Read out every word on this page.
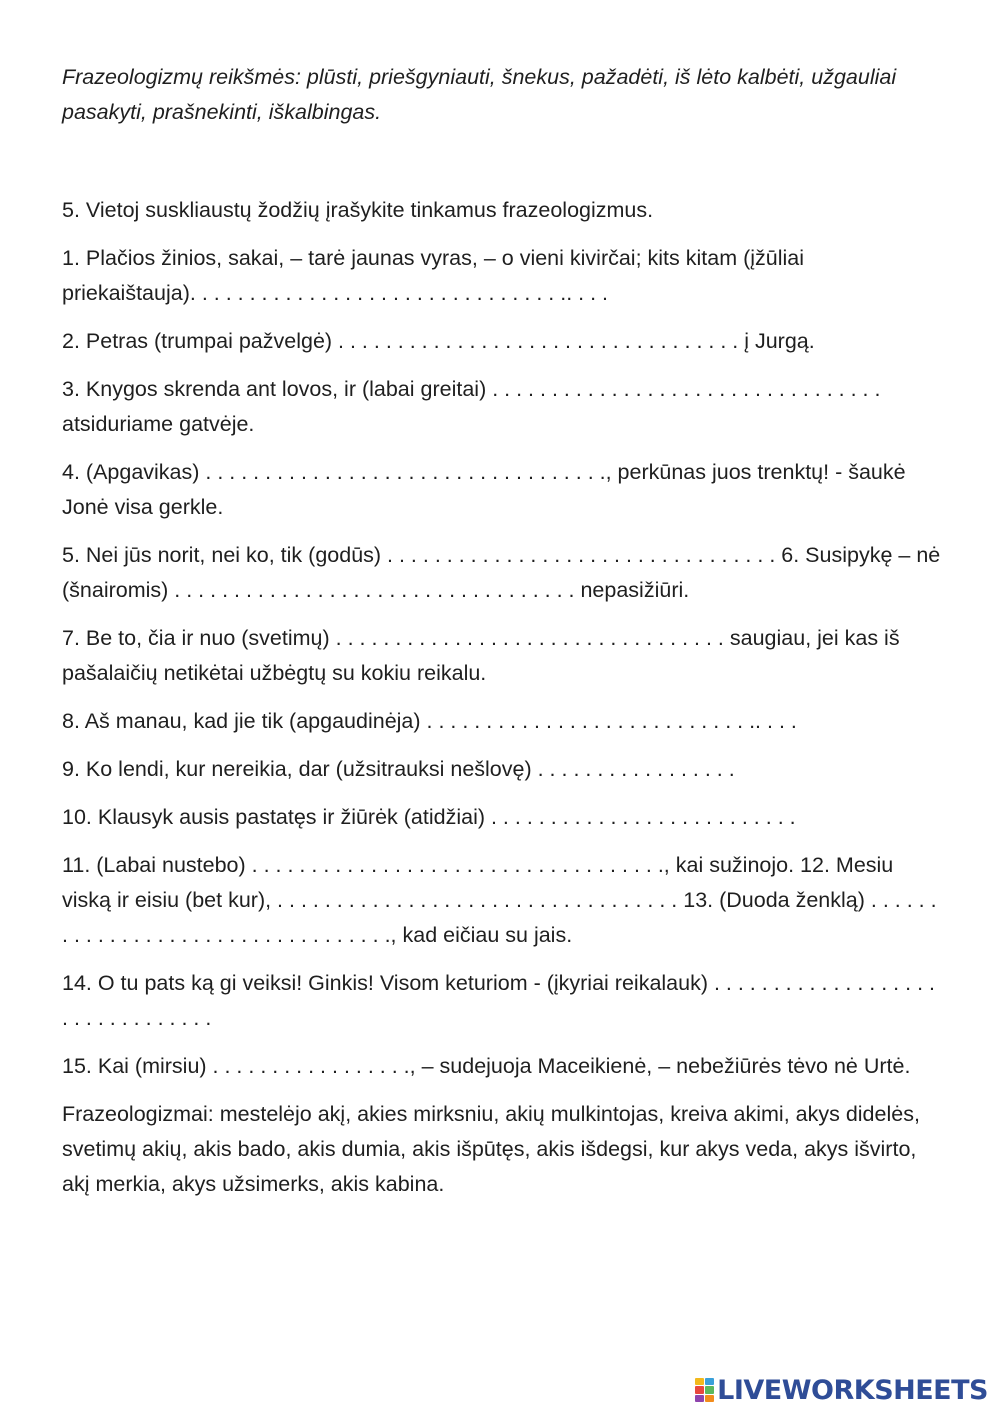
Frazeologizmų reikšmės: plūsti, priešgyniauti, šnekus, pažadėti, iš lėto kalbėti, užgauliai pasakyti, prašnekinti, iškalbingas.

5. Vietoj suskliaustų žodžių įrašykite tinkamus frazeologizmus.

1. Plačios žinios, sakai, – tarė jaunas vyras, – o vieni kivirčai; kits kitam (įžūliai priekaištauja). . . . . . . . . . . . . . . . . . . . . . . . . . . . . . . .. . . .

2. Petras (trumpai pažvelgė) . . . . . . . . . . . . . . . . . . . . . . . . . . . . . . . . . . į Jurgą.

3. Knygos skrenda ant lovos, ir (labai greitai) . . . . . . . . . . . . . . . . . . . . . . . . . . . . . . . . . atsiduriame gatvėje.

4. (Apgavikas) . . . . . . . . . . . . . . . . . . . . . . . . . . . . . . . . . ., perkūnas juos trenktų! - šaukė Jonė visa gerkle.

5. Nei jūs norit, nei ko, tik (godūs) . . . . . . . . . . . . . . . . . . . . . . . . . . . . . . . . . 6. Susipykę – nė (šnairomis) . . . . . . . . . . . . . . . . . . . . . . . . . . . . . . . . . . nepasižiūri.

7. Be to, čia ir nuo (svetimų) . . . . . . . . . . . . . . . . . . . . . . . . . . . . . . . . . saugiau, jei kas iš pašalaičių netikėtai užbėgtų su kokiu reikalu.

8. Aš manau, kad jie tik (apgaudinėja) . . . . . . . . . . . . . . . . . . . . . . . . . . . .. . . .

9. Ko lendi, kur nereikia, dar (užsitrauksi nešlovę) . . . . . . . . . . . . . . . . .

10. Klausyk ausis pastatęs ir žiūrėk (atidžiai) . . . . . . . . . . . . . . . . . . . . . . . . . .

11. (Labai nustebo) . . . . . . . . . . . . . . . . . . . . . . . . . . . . . . . . . . ., kai sužinojo. 12. Mesiu viską ir eisiu (bet kur), . . . . . . . . . . . . . . . . . . . . . . . . . . . . . . . . . . 13. (Duoda ženklą) . . . . . . . . . . . . . . . . . . . . . . . . . . . . . . . . . ., kad eičiau su jais.

14. O tu pats ką gi veiksi! Ginkis! Visom keturiom - (įkyriai reikalauk) . . . . . . . . . . . . . . . . . . . . . . . . . . . . . . . .

15. Kai (mirsiu) . . . . . . . . . . . . . . . . ., – sudejuoja Maceikienė, – nebežiūrės tėvo nė Urtė.

Frazeologizmai: mestelėjo akį, akies mirksniu, akių mulkintojas, kreiva akimi, akys didelės, svetimų akių, akis bado, akis dumia, akis išpūtęs, akis išdegsi, kur akys veda, akys išvirto, akį merkia, akys užsimerks, akis kabina.

LIVEWORKSHEETS
